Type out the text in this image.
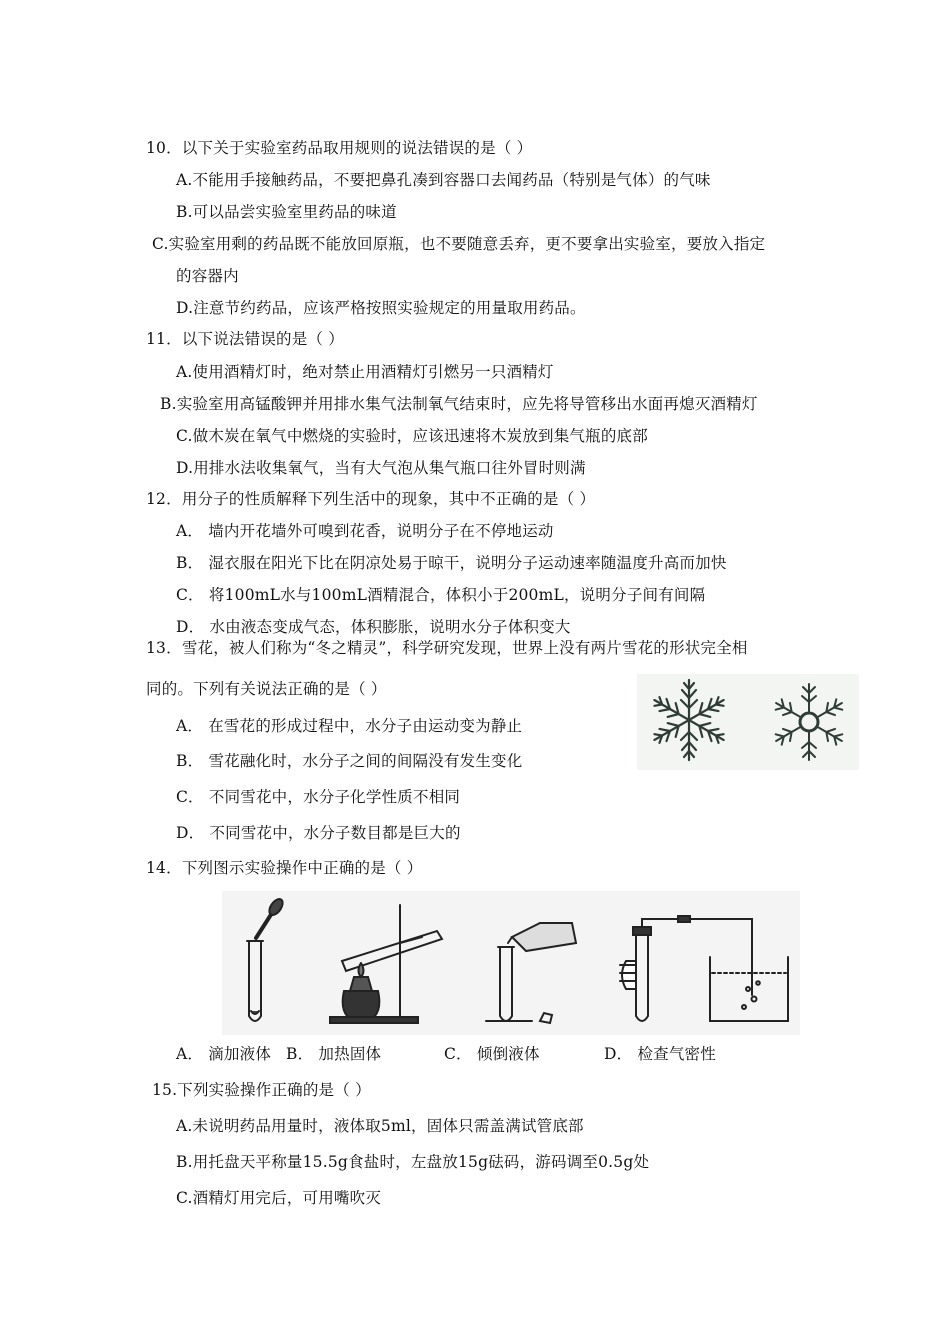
10．以下关于实验室药品取用规则的说法错误的是（ ）
A.不能用手接触药品，不要把鼻孔凑到容器口去闻药品（特别是气体）的气味
B.可以品尝实验室里药品的味道
C.实验室用剩的药品既不能放回原瓶，也不要随意丢弃，更不要拿出实验室，要放入指定
的容器内
D.注意节约药品，应该严格按照实验规定的用量取用药品。
11．以下说法错误的是（ ）
A.使用酒精灯时，绝对禁止用酒精灯引燃另一只酒精灯
B.实验室用高锰酸钾并用排水集气法制氧气结束时，应先将导管移出水面再熄灭酒精灯
C.做木炭在氧气中燃烧的实验时，应该迅速将木炭放到集气瓶的底部
D.用排水法收集氧气，当有大气泡从集气瓶口往外冒时则满
12．用分子的性质解释下列生活中的现象，其中不正确的是（ ）
A． 墙内开花墙外可嗅到花香，说明分子在不停地运动
B． 湿衣服在阳光下比在阴凉处易于晾干，说明分子运动速率随温度升高而加快
C． 将100mL水与100mL酒精混合，体积小于200mL，说明分子间有间隔
D． 水由液态变成气态，体积膨胀，说明水分子体积变大
13．雪花，被人们称为“冬之精灵”，科学研究发现，世界上没有两片雪花的形状完全相
同的。下列有关说法正确的是（ ）
A． 在雪花的形成过程中，水分子由运动变为静止
B． 雪花融化时，水分子之间的间隔没有发生变化
C． 不同雪花中，水分子化学性质不相同
D． 不同雪花中，水分子数目都是巨大的
14．下列图示实验操作中正确的是（ ）
A． 滴加液体 B． 加热固体	C． 倾倒液体	D． 检查气密性
15.下列实验操作正确的是（ ）
A.未说明药品用量时，液体取5ml，固体只需盖满试管底部
B.用托盘天平称量15.5g食盐时，左盘放15g砝码，游码调至0.5g处
C.酒精灯用完后，可用嘴吹灭
